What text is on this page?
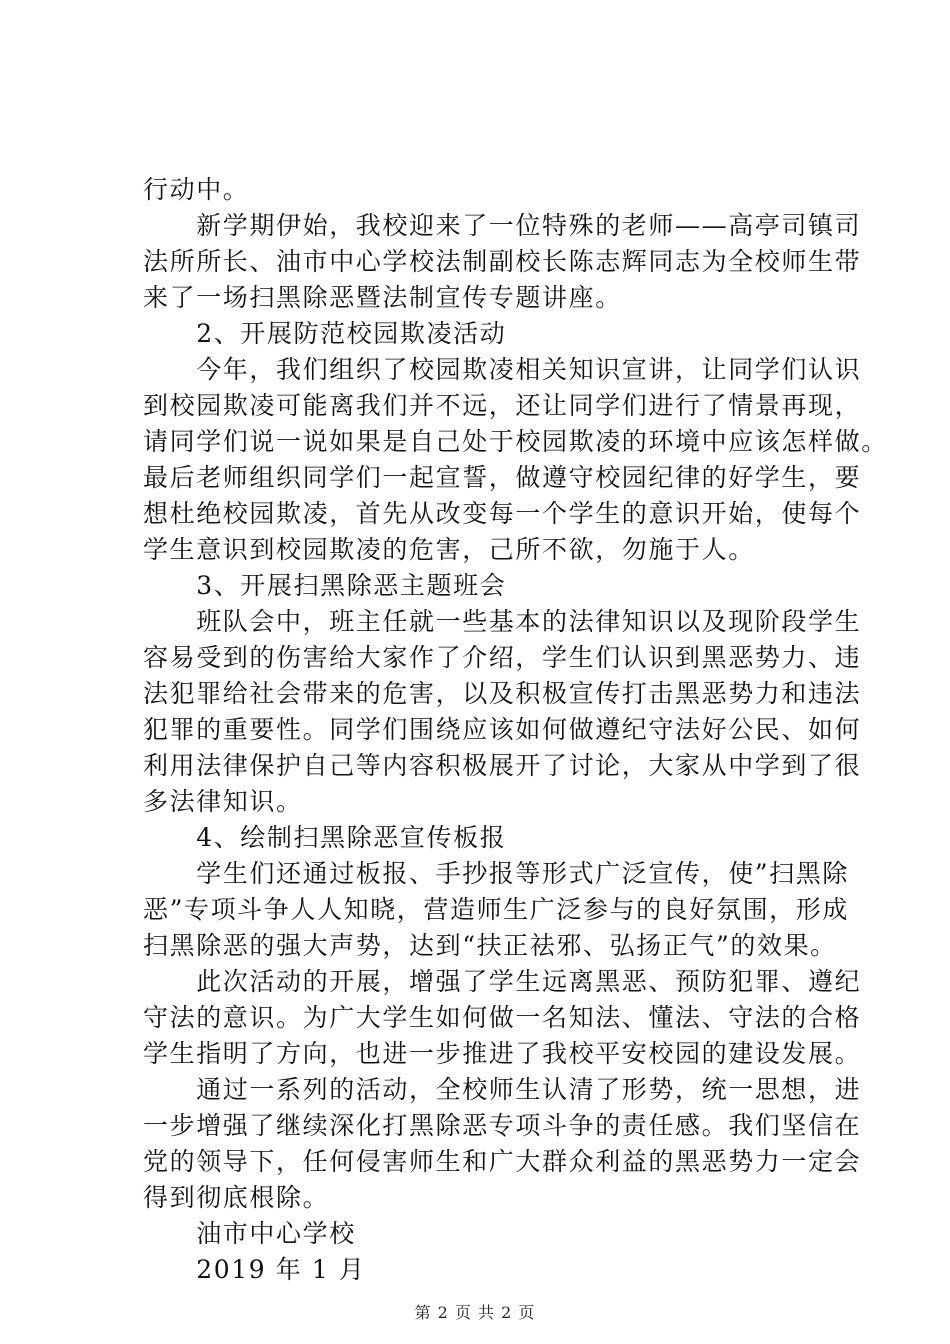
行动中。
　　新学期伊始，我校迎来了一位特殊的老师——高亭司镇司
法所所长、油市中心学校法制副校长陈志辉同志为全校师生带
来了一场扫黑除恶暨法制宣传专题讲座。
　　2、开展防范校园欺凌活动
　　今年，我们组织了校园欺凌相关知识宣讲，让同学们认识
到校园欺凌可能离我们并不远，还让同学们进行了情景再现，
请同学们说一说如果是自己处于校园欺凌的环境中应该怎样做。
最后老师组织同学们一起宣誓，做遵守校园纪律的好学生，要
想杜绝校园欺凌，首先从改变每一个学生的意识开始，使每个
学生意识到校园欺凌的危害，己所不欲，勿施于人。
　　3、开展扫黑除恶主题班会
　　班队会中，班主任就一些基本的法律知识以及现阶段学生
容易受到的伤害给大家作了介绍，学生们认识到黑恶势力、违
法犯罪给社会带来的危害，以及积极宣传打击黑恶势力和违法
犯罪的重要性。同学们围绕应该如何做遵纪守法好公民、如何
利用法律保护自己等内容积极展开了讨论，大家从中学到了很
多法律知识。
　　4、绘制扫黑除恶宣传板报
　　学生们还通过板报、手抄报等形式广泛宣传，使”扫黑除
恶”专项斗争人人知晓，营造师生广泛参与的良好氛围，形成
扫黑除恶的强大声势，达到“扶正祛邪、弘扬正气”的效果。
　　此次活动的开展，增强了学生远离黑恶、预防犯罪、遵纪
守法的意识。为广大学生如何做一名知法、懂法、守法的合格
学生指明了方向，也进一步推进了我校平安校园的建设发展。
　　通过一系列的活动，全校师生认清了形势，统一思想，进
一步增强了继续深化打黑除恶专项斗争的责任感。我们坚信在
党的领导下，任何侵害师生和广大群众利益的黑恶势力一定会
得到彻底根除。
　　油市中心学校
　　2019 年 1 月
第 2 页 共 2 页
